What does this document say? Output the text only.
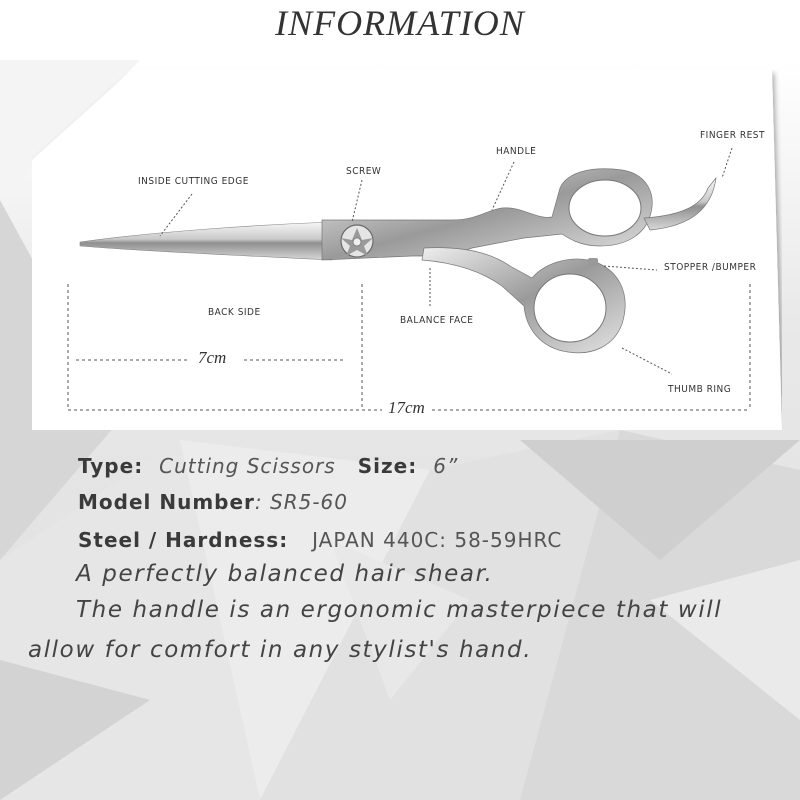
INFORMATION
INSIDE CUTTING EDGE
SCREW
HANDLE
FINGER REST
STOPPER /BUMPER
BACK SIDE
BALANCE FACE
THUMB RING
7cm
17cm
Type:  Cutting Scissors Size:  6”
Model Number: SR5-60
Steel / Hardness:   JAPAN 440C: 58-59HRC
A perfectly balanced hair shear.
The handle is an ergonomic masterpiece that will
allow for comfort in any stylist's hand.
